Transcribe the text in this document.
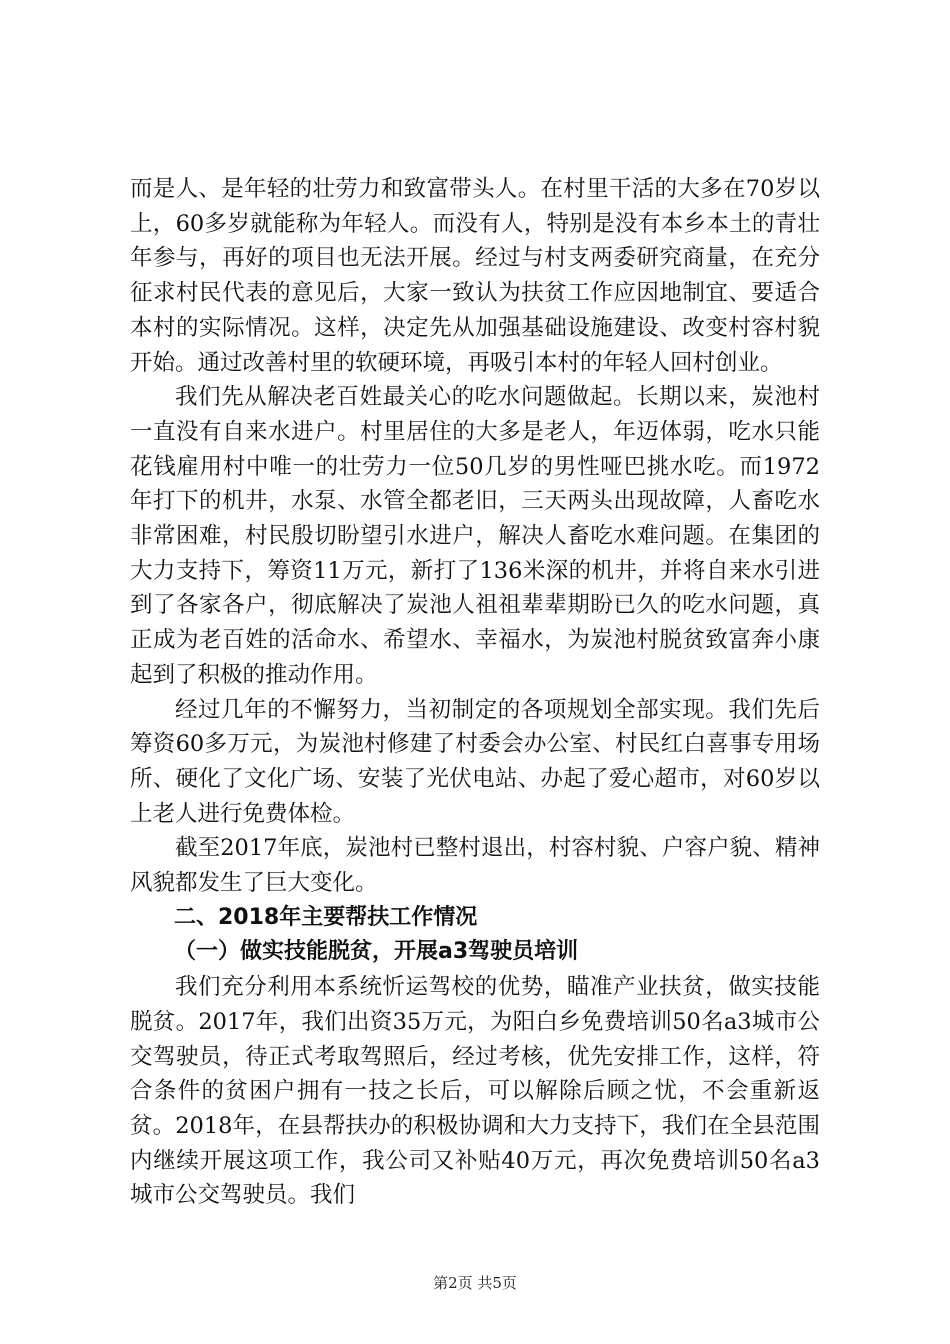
而是人、是年轻的壮劳力和致富带头人。在村里干活的大多在70岁以上，60多岁就能称为年轻人。而没有人，特别是没有本乡本土的青壮年参与，再好的项目也无法开展。经过与村支两委研究商量，在充分征求村民代表的意见后，大家一致认为扶贫工作应因地制宜、要适合本村的实际情况。这样，决定先从加强基础设施建设、改变村容村貌开始。通过改善村里的软硬环境，再吸引本村的年轻人回村创业。

我们先从解决老百姓最关心的吃水问题做起。长期以来，炭池村一直没有自来水进户。村里居住的大多是老人，年迈体弱，吃水只能花钱雇用村中唯一的壮劳力一位50几岁的男性哑巴挑水吃。而1972年打下的机井，水泵、水管全都老旧，三天两头出现故障，人畜吃水非常困难，村民殷切盼望引水进户，解决人畜吃水难问题。在集团的大力支持下，筹资11万元，新打了136米深的机井，并将自来水引进到了各家各户，彻底解决了炭池人祖祖辈辈期盼已久的吃水问题，真正成为老百姓的活命水、希望水、幸福水，为炭池村脱贫致富奔小康起到了积极的推动作用。

经过几年的不懈努力，当初制定的各项规划全部实现。我们先后筹资60多万元，为炭池村修建了村委会办公室、村民红白喜事专用场所、硬化了文化广场、安装了光伏电站、办起了爱心超市，对60岁以上老人进行免费体检。

截至2017年底，炭池村已整村退出，村容村貌、户容户貌、精神风貌都发生了巨大变化。

二、2018年主要帮扶工作情况

（一）做实技能脱贫，开展a3驾驶员培训

我们充分利用本系统忻运驾校的优势，瞄准产业扶贫，做实技能脱贫。2017年，我们出资35万元，为阳白乡免费培训50名a3城市公交驾驶员，待正式考取驾照后，经过考核，优先安排工作，这样，符合条件的贫困户拥有一技之长后，可以解除后顾之忧，不会重新返贫。2018年，在县帮扶办的积极协调和大力支持下，我们在全县范围内继续开展这项工作，我公司又补贴40万元，再次免费培训50名a3城市公交驾驶员。我们

第2页 共5页
